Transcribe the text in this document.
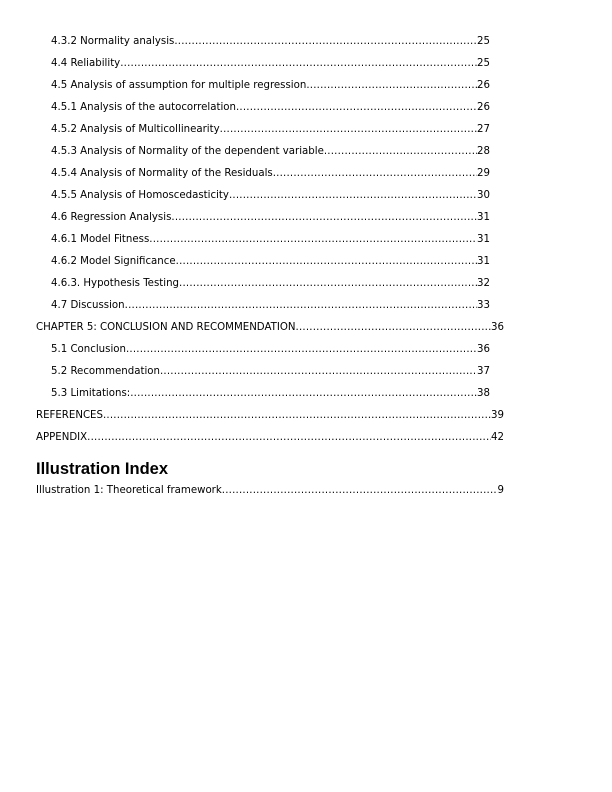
4.3.2 Normality analysis .....	25
4.4 Reliability .....	25
4.5 Analysis of assumption for multiple regression .....	26
4.5.1 Analysis of the autocorrelation .....	26
4.5.2 Analysis of Multicollinearity .....	27
4.5.3 Analysis of Normality of the dependent variable .....	28
4.5.4 Analysis of Normality of the Residuals .....	29
4.5.5 Analysis of Homoscedasticity .....	30
4.6 Regression Analysis .....	31
4.6.1 Model Fitness .....	31
4.6.2 Model Significance .....	31
4.6.3. Hypothesis Testing .....	32
4.7 Discussion .....	33
CHAPTER 5: CONCLUSION AND RECOMMENDATION .....	36
5.1 Conclusion .....	36
5.2 Recommendation .....	37
5.3 Limitations: .....	38
REFERENCES .....	39
APPENDIX .....	42
Illustration Index
Illustration 1: Theoretical framework .....	9
